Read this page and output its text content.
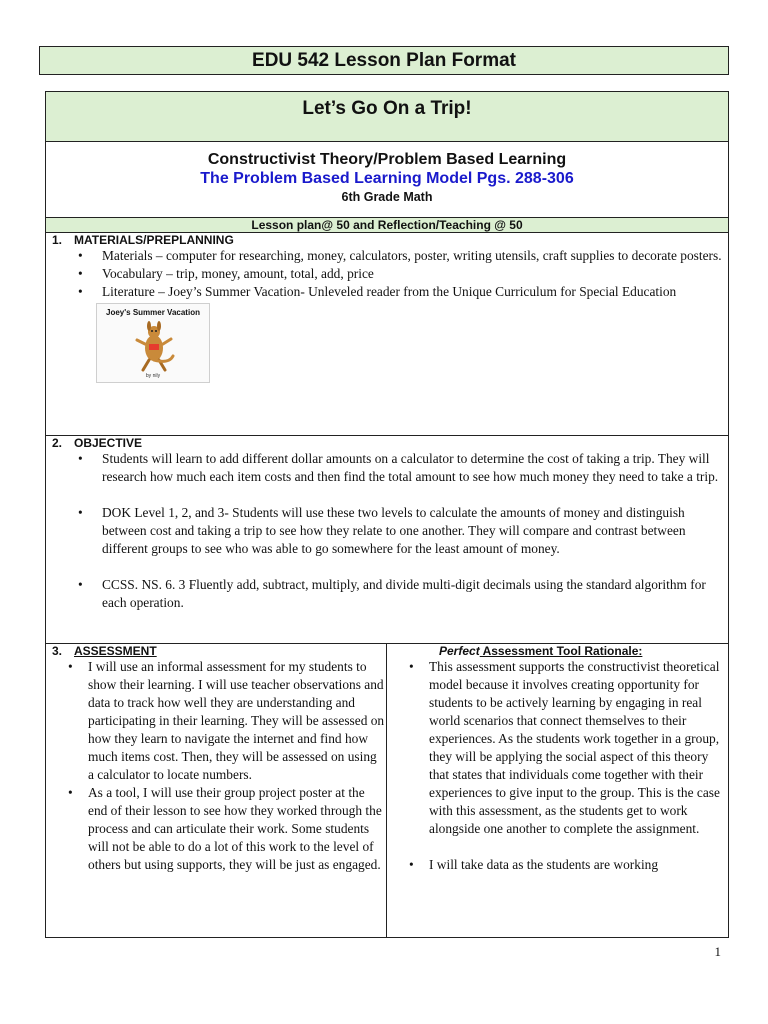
EDU 542 Lesson Plan Format
Let’s Go On a Trip!
Constructivist Theory/Problem Based Learning
The Problem Based Learning Model Pgs. 288-306
6th Grade Math
Lesson plan@ 50 and Reflection/Teaching @ 50
1. MATERIALS/PREPLANNING
• Materials – computer for researching, money, calculators, poster, writing utensils, craft supplies to decorate posters.
• Vocabulary – trip, money, amount, total, add, price
• Literature – Joey’s Summer Vacation- Unleveled reader from the Unique Curriculum for Special Education
Joey's Summer Vacation
by nily
2. OBJECTIVE
• Students will learn to add different dollar amounts on a calculator to determine the cost of taking a trip. They will research how much each item costs and then find the total amount to see how much money they need to take a trip.
• DOK Level 1, 2, and 3- Students will use these two levels to calculate the amounts of money and distinguish between cost and taking a trip to see how they relate to one another. They will compare and contrast between different groups to see who was able to go somewhere for the least amount of money.
• CCSS. NS. 6. 3 Fluently add, subtract, multiply, and divide multi-digit decimals using the standard algorithm for each operation.
3. ASSESSMENT
• I will use an informal assessment for my students to show their learning. I will use teacher observations and data to track how well they are understanding and participating in their learning. They will be assessed on how they learn to navigate the internet and find how much items cost. Then, they will be assessed on using a calculator to locate numbers.
• As a tool, I will use their group project poster at the end of their lesson to see how they worked through the process and can articulate their work. Some students will not be able to do a lot of this work to the level of others but using supports, they will be just as engaged.
Perfect Assessment Tool Rationale:
• This assessment supports the constructivist theoretical model because it involves creating opportunity for students to be actively learning by engaging in real world scenarios that connect themselves to their experiences. As the students work together in a group, they will be applying the social aspect of this theory that states that individuals come together with their experiences to give input to the group. This is the case with this assessment, as the students get to work alongside one another to complete the assignment.
• I will take data as the students are working
1
